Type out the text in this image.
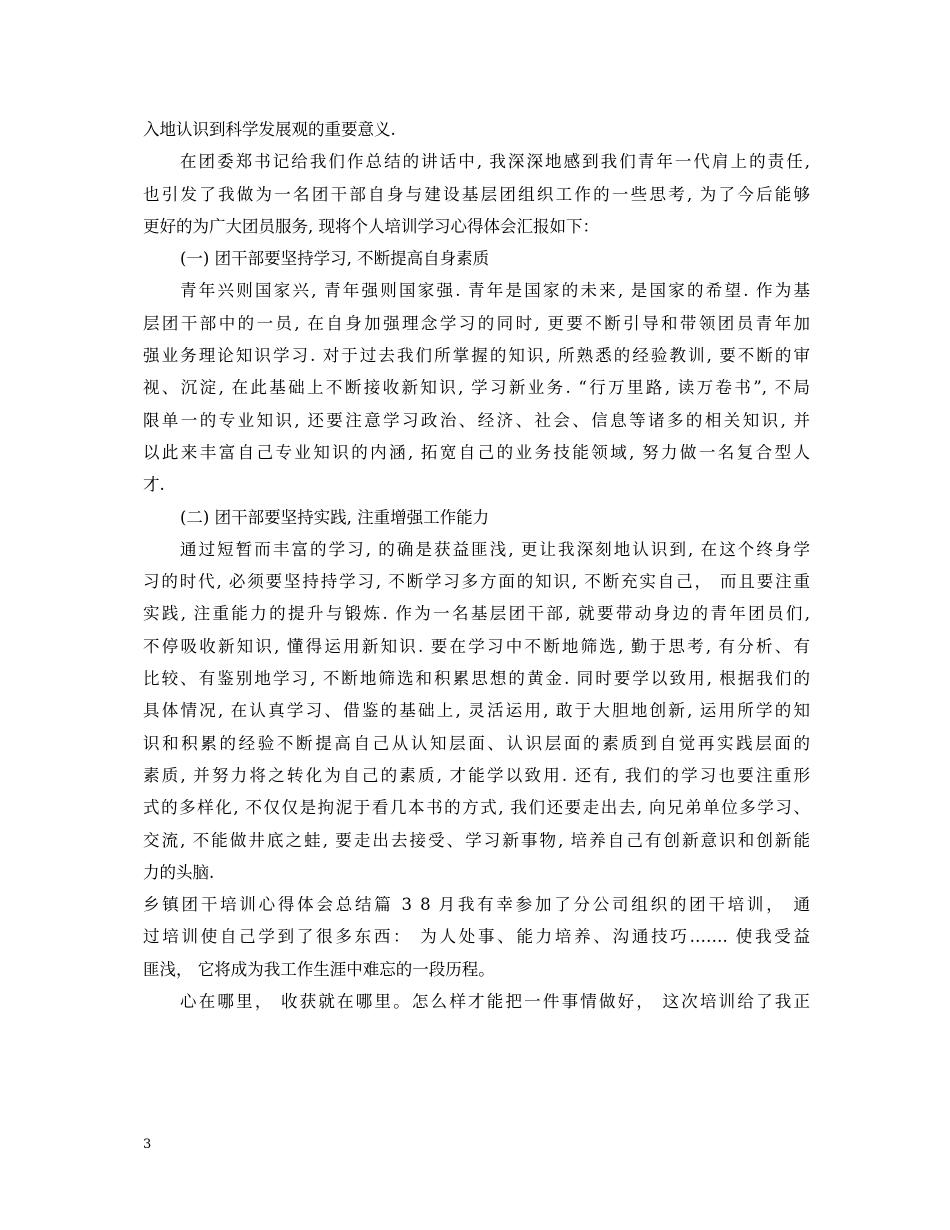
入地认识到科学发展观的重要意义.
在团委郑书记给我们作总结的讲话中, 我深深地感到我们青年一代肩上的责任,
也引发了我做为一名团干部自身与建设基层团组织工作的一些思考, 为了今后能够
更好的为广大团员服务, 现将个人培训学习心得体会汇报如下：
(一) 团干部要坚持学习, 不断提高自身素质
青年兴则国家兴, 青年强则国家强. 青年是国家的未来, 是国家的希望. 作为基
层团干部中的一员, 在自身加强理念学习的同时, 更要不断引导和带领团员青年加
强业务理论知识学习. 对于过去我们所掌握的知识, 所熟悉的经验教训, 要不断的审
视、沉淀, 在此基础上不断接收新知识, 学习新业务. “行万里路, 读万卷书”, 不局
限单一的专业知识, 还要注意学习政治、经济、社会、信息等诸多的相关知识, 并
以此来丰富自己专业知识的内涵, 拓宽自己的业务技能领域, 努力做一名复合型人
才.
(二) 团干部要坚持实践, 注重增强工作能力
通过短暂而丰富的学习, 的确是获益匪浅, 更让我深刻地认识到, 在这个终身学
习的时代, 必须要坚持持学习, 不断学习多方面的知识, 不断充实自己， 而且要注重
实践, 注重能力的提升与锻炼. 作为一名基层团干部, 就要带动身边的青年团员们,
不停吸收新知识, 懂得运用新知识. 要在学习中不断地筛选, 勤于思考, 有分析、有
比较、有鉴别地学习, 不断地筛选和积累思想的黄金. 同时要学以致用, 根据我们的
具体情况, 在认真学习、借鉴的基础上, 灵活运用, 敢于大胆地创新, 运用所学的知
识和积累的经验不断提高自己从认知层面、认识层面的素质到自觉再实践层面的
素质, 并努力将之转化为自己的素质, 才能学以致用. 还有, 我们的学习也要注重形
式的多样化, 不仅仅是拘泥于看几本书的方式, 我们还要走出去, 向兄弟单位多学习、
交流, 不能做井底之蛙, 要走出去接受、学习新事物, 培养自己有创新意识和创新能
力的头脑.
乡镇团干培训心得体会总结篇 3 8 月我有幸参加了分公司组织的团干培训， 通
过培训使自己学到了很多东西： 为人处事、能力培养、沟通技巧……. 使我受益
匪浅， 它将成为我工作生涯中难忘的一段历程。
心在哪里， 收获就在哪里。怎么样才能把一件事情做好， 这次培训给了我正
3
